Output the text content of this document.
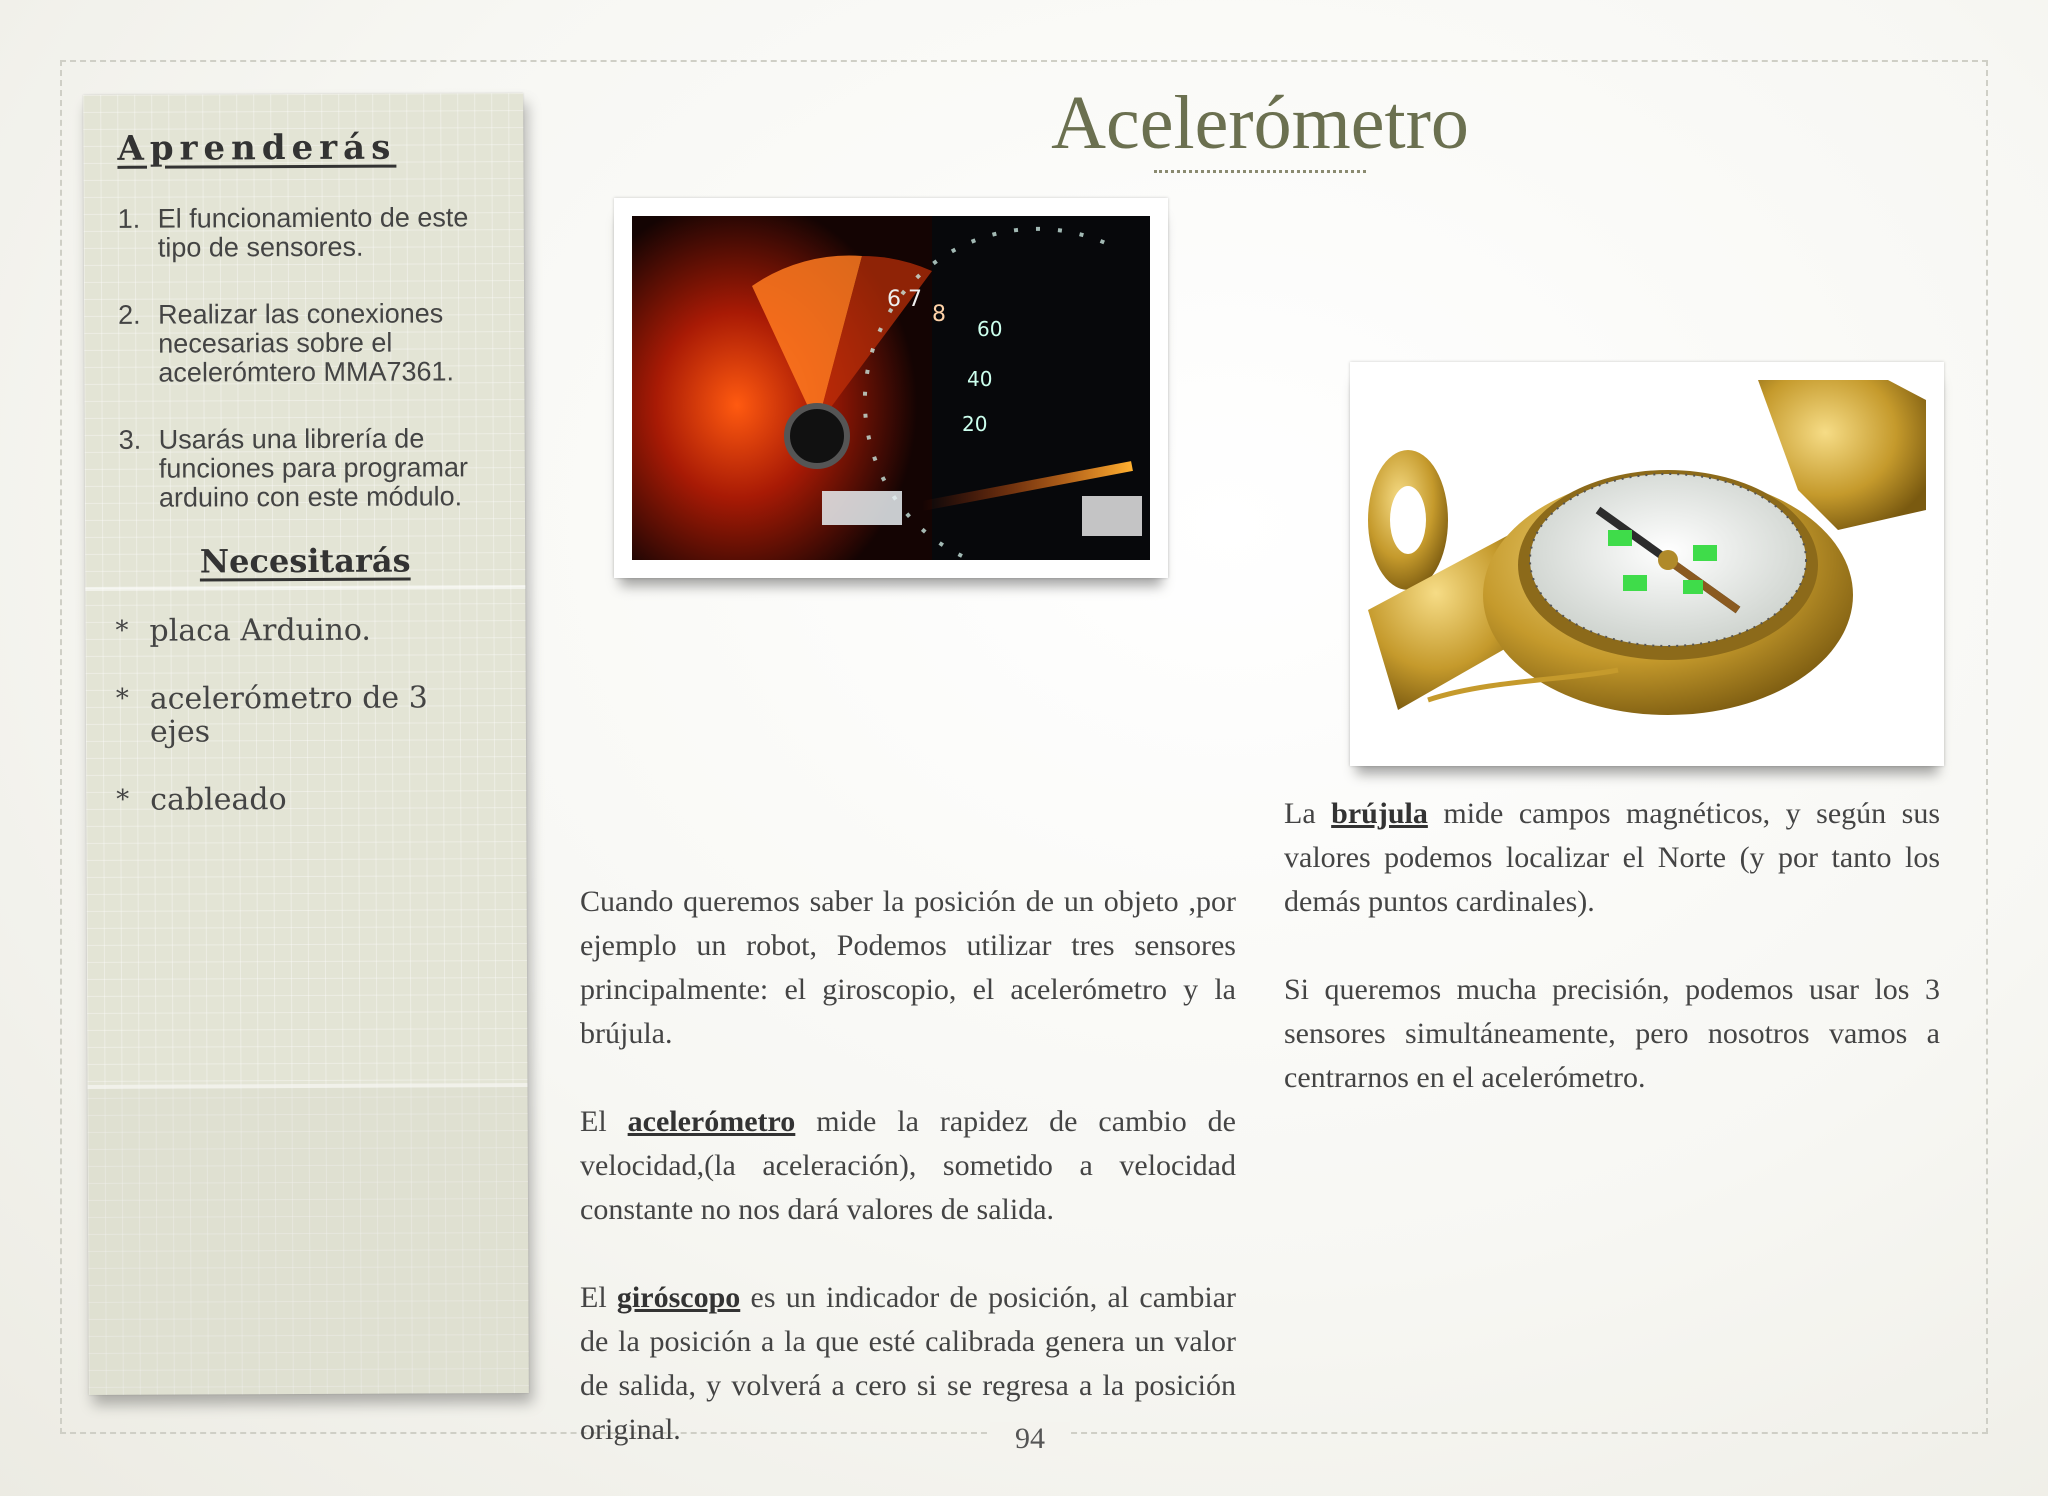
Aprenderás
1. El funcionamiento de este tipo de sensores.
2. Realizar las conexiones necesarias sobre el acelerómtero MMA7361.
3. Usarás una librería de funciones para programar arduino con este módulo.
Necesitarás
* placa Arduino.
* acelerómetro de 3 ejes
* cableado
Acelerómetro
6 7
8
60
40
20

Cuando queremos saber la posición de un objeto ,por ejemplo un robot, Podemos utilizar tres sensores principalmente: el giroscopio, el acelerómetro y la brújula.

El acelerómetro mide la rapidez de cambio de velocidad,(la aceleración), sometido a velocidad constante no nos dará valores de salida.

El giróscopo es un indicador de posición, al cambiar de la posición a la que esté calibrada genera un valor de salida, y volverá a cero si se regresa a la posición original.

La brújula mide campos magnéticos, y según sus valores podemos localizar el Norte (y por tanto los demás puntos cardinales).

Si queremos mucha precisión, podemos usar los 3 sensores simultáneamente, pero nosotros vamos a centrarnos en el acelerómetro.

94
